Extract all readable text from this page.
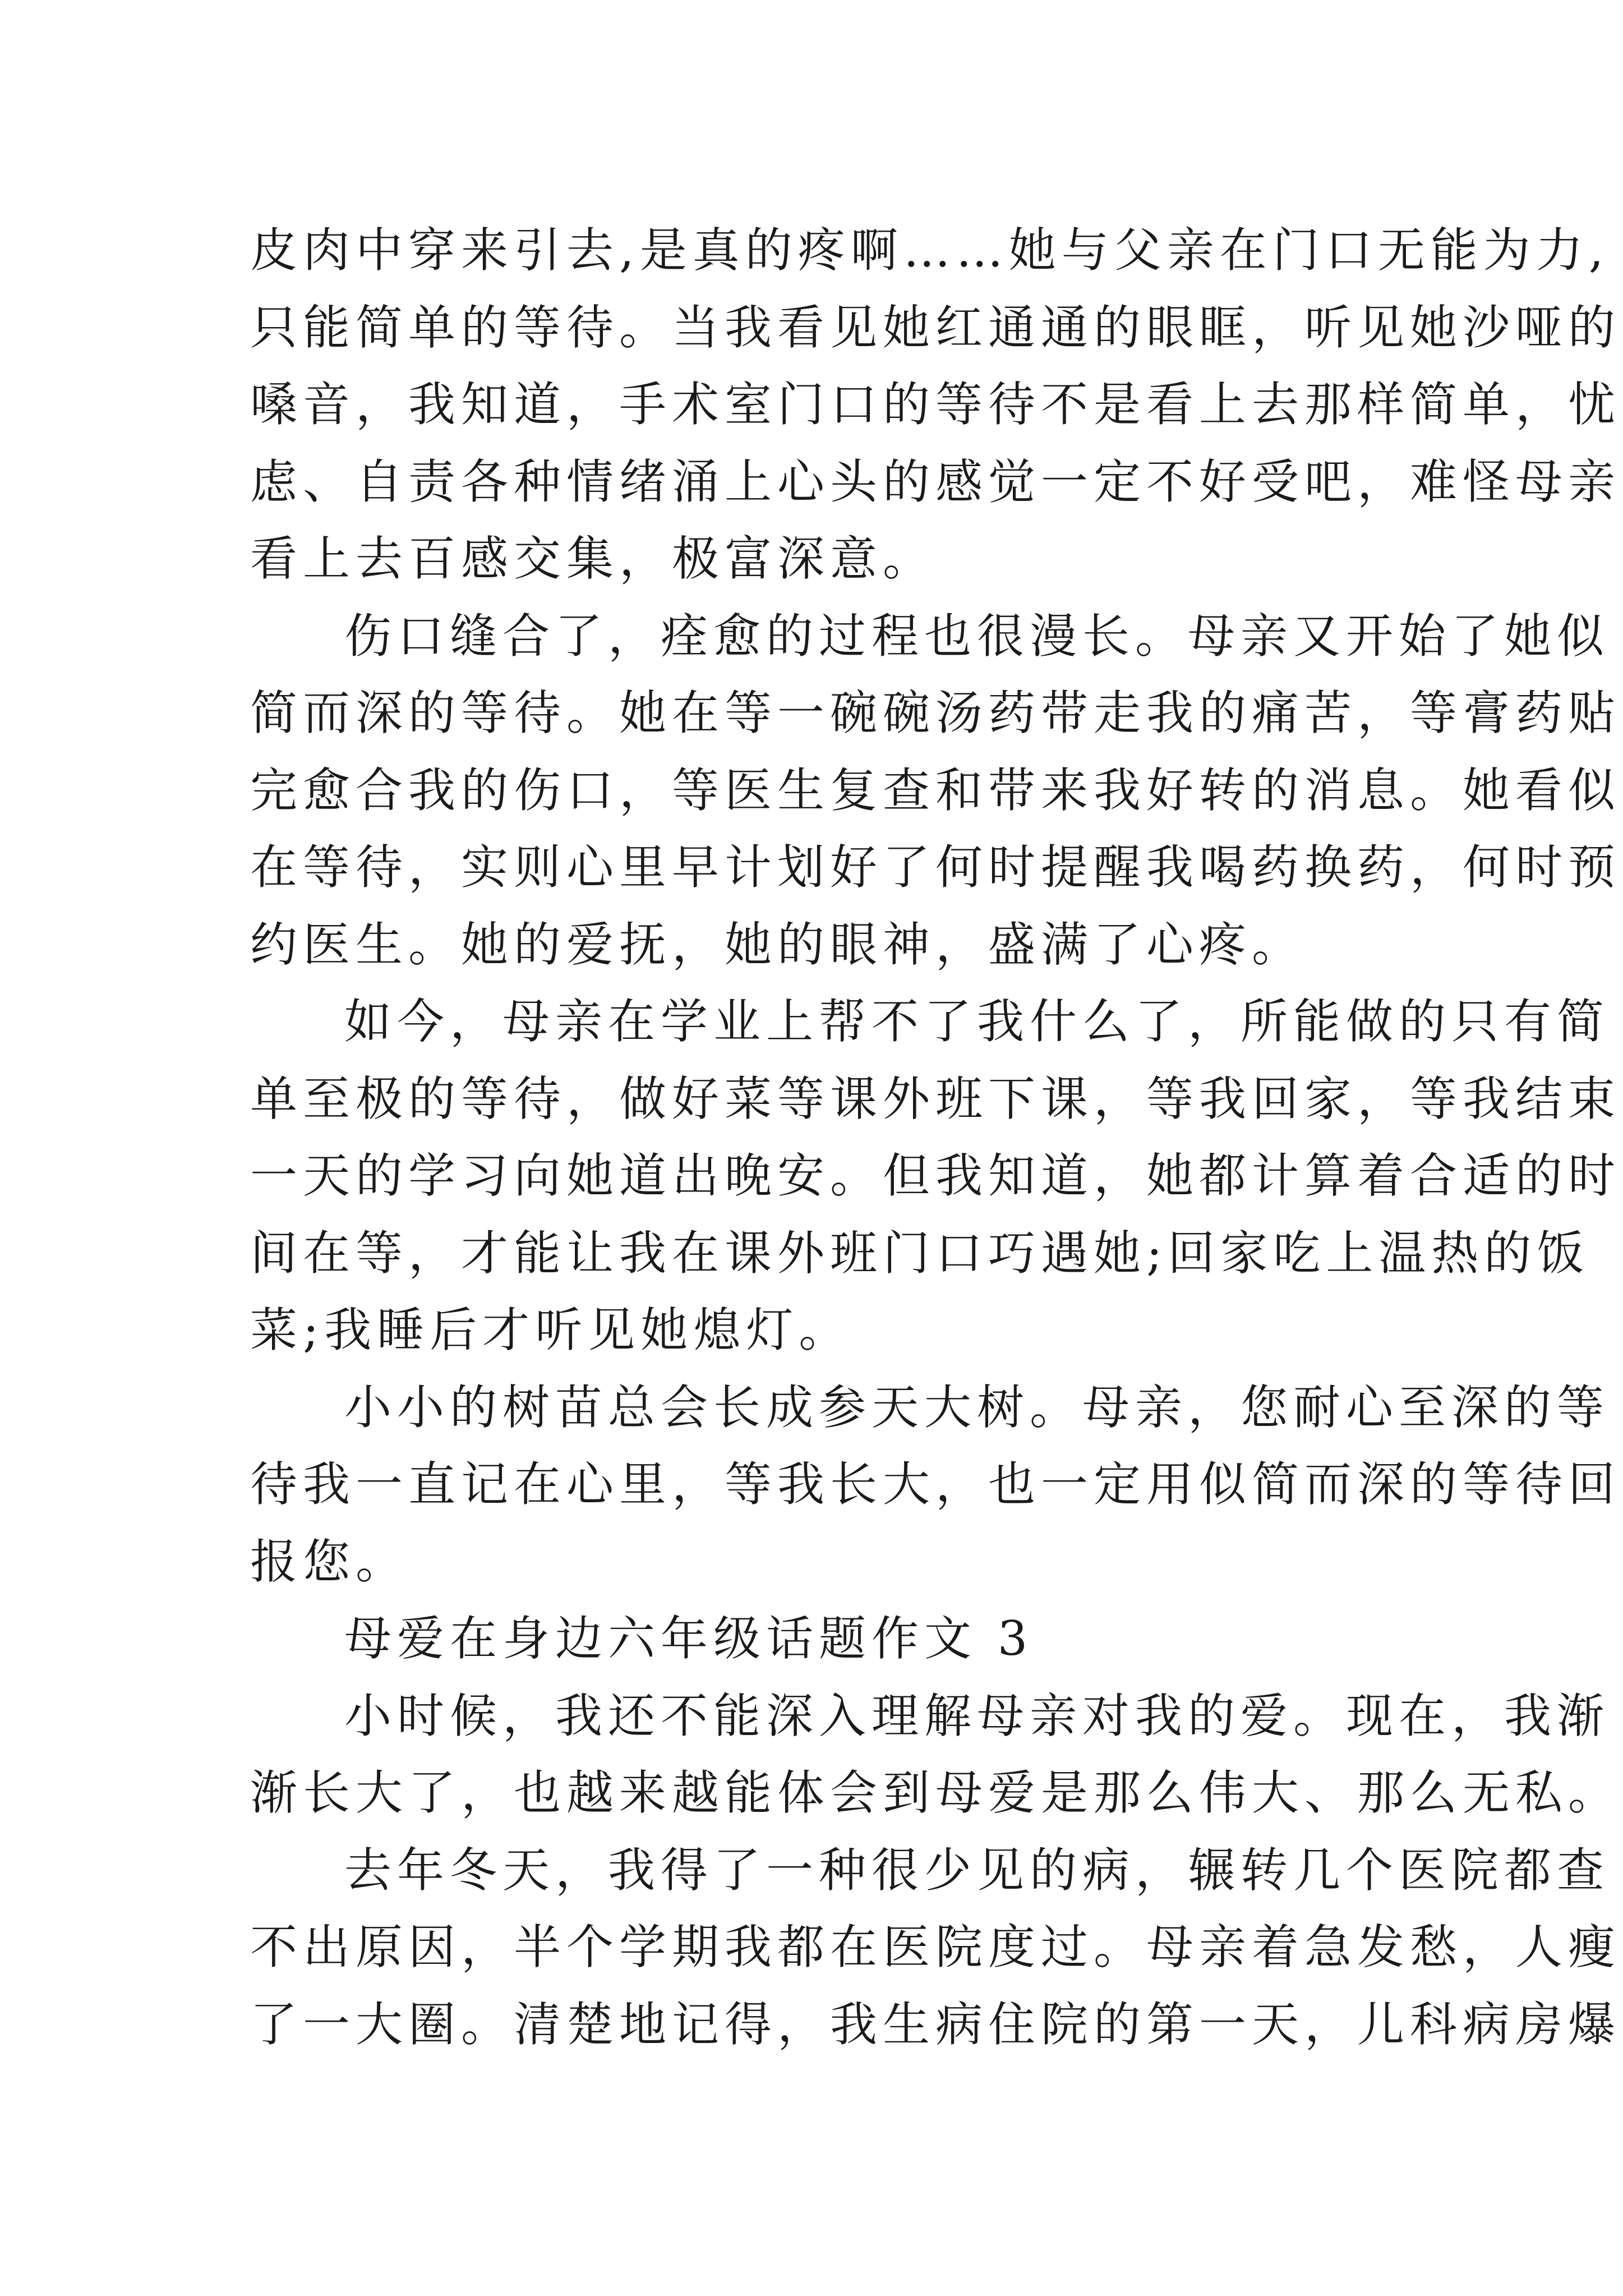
皮肉中穿来引去,是真的疼啊……她与父亲在门口无能为力,
只能简单的等待。当我看见她红通通的眼眶，听见她沙哑的
嗓音，我知道，手术室门口的等待不是看上去那样简单，忧
虑、自责各种情绪涌上心头的感觉一定不好受吧，难怪母亲
看上去百感交集，极富深意。
伤口缝合了，痊愈的过程也很漫长。母亲又开始了她似
简而深的等待。她在等一碗碗汤药带走我的痛苦，等膏药贴
完愈合我的伤口，等医生复查和带来我好转的消息。她看似
在等待，实则心里早计划好了何时提醒我喝药换药，何时预
约医生。她的爱抚，她的眼神，盛满了心疼。
如今，母亲在学业上帮不了我什么了，所能做的只有简
单至极的等待，做好菜等课外班下课，等我回家，等我结束
一天的学习向她道出晚安。但我知道，她都计算着合适的时
间在等，才能让我在课外班门口巧遇她;回家吃上温热的饭
菜;我睡后才听见她熄灯。
小小的树苗总会长成参天大树。母亲，您耐心至深的等
待我一直记在心里，等我长大，也一定用似简而深的等待回
报您。
母爱在身边六年级话题作文 3
小时候，我还不能深入理解母亲对我的爱。现在，我渐
渐长大了，也越来越能体会到母爱是那么伟大、那么无私。
去年冬天，我得了一种很少见的病，辗转几个医院都查
不出原因，半个学期我都在医院度过。母亲着急发愁，人瘦
了一大圈。清楚地记得，我生病住院的第一天，儿科病房爆
